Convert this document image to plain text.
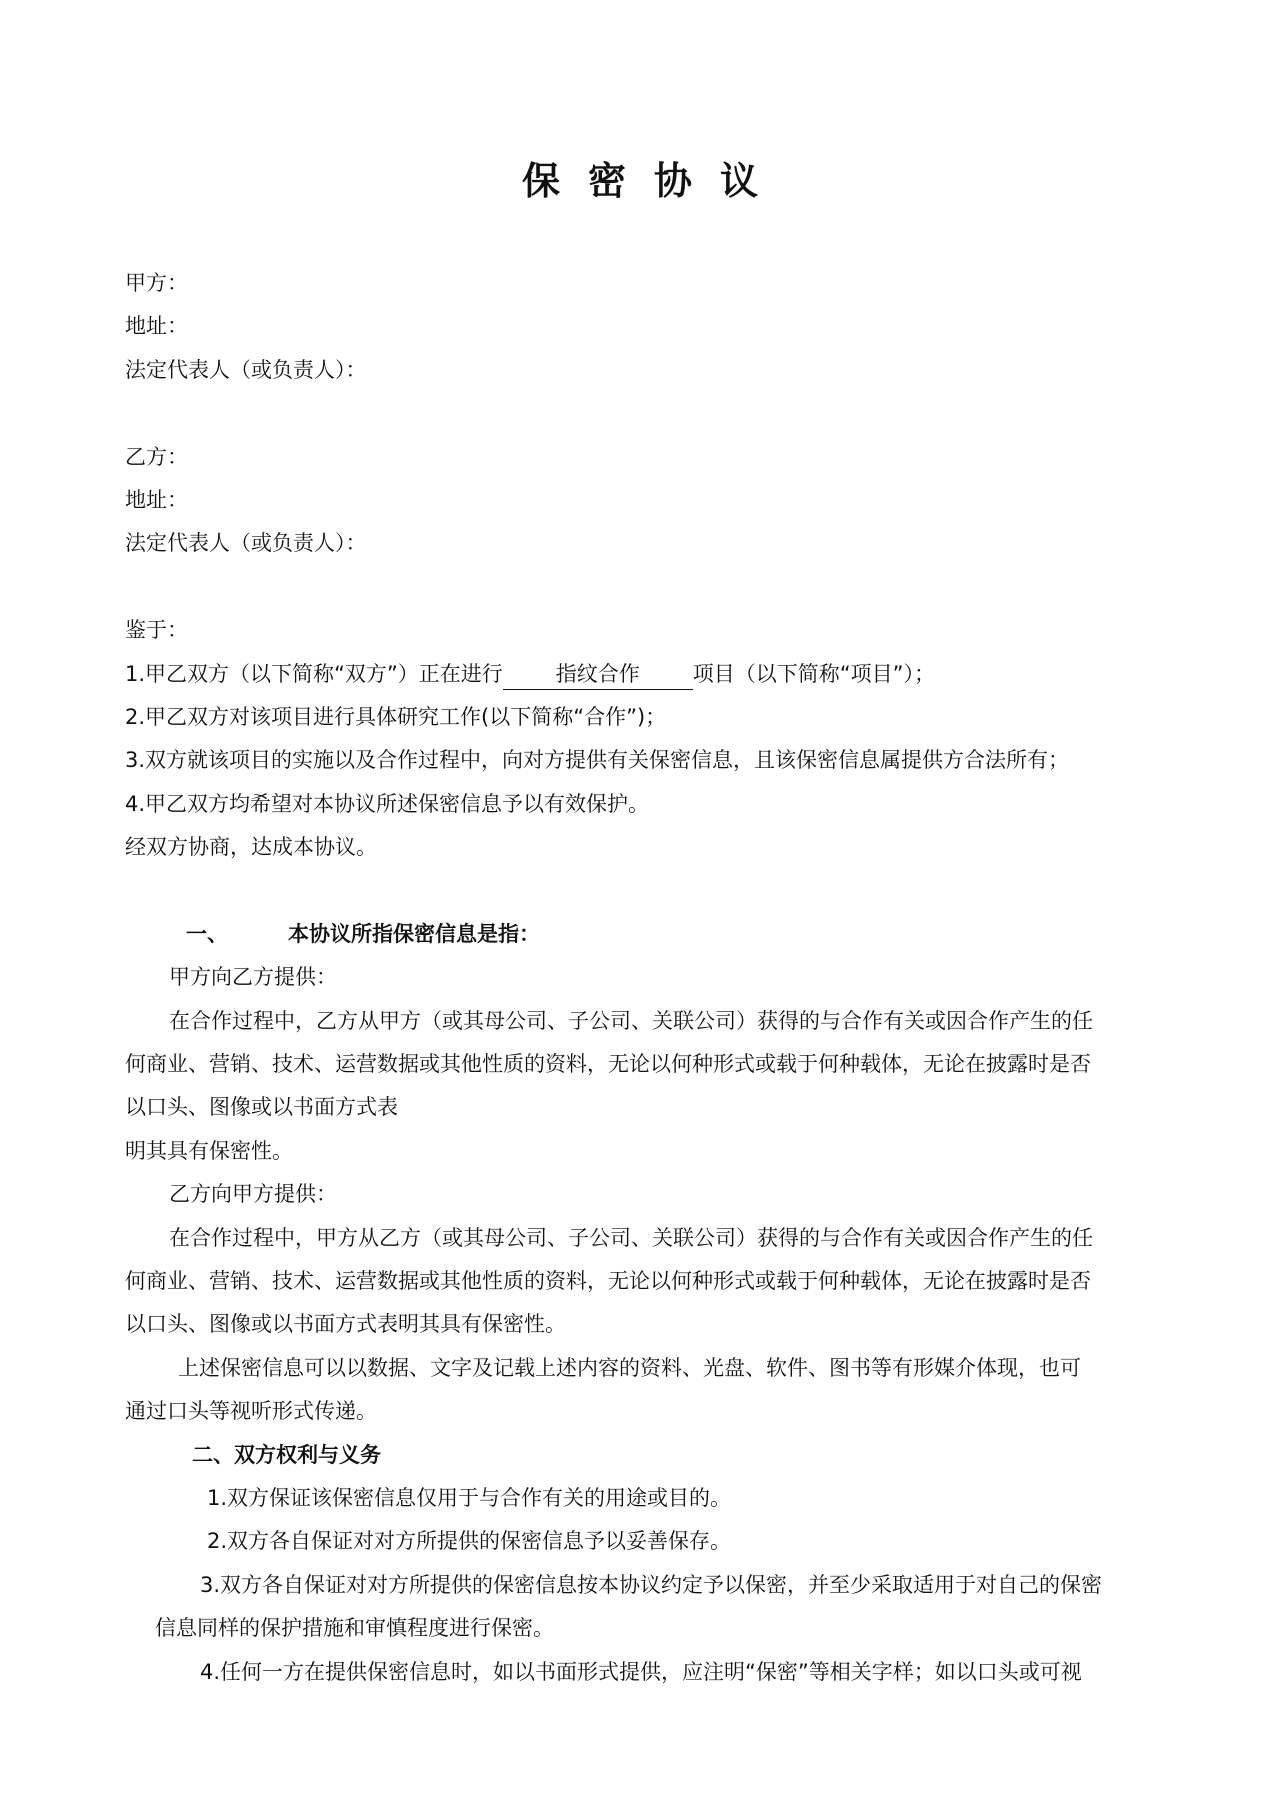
保 密 协 议
甲方：
地址：
法定代表人（或负责人）：
乙方：
地址：
法定代表人（或负责人）：
鉴于：
1.甲乙双方（以下简称“双方”）正在进行	指纹合作	项目（以下简称“项目”）；
2.甲乙双方对该项目进行具体研究工作(以下简称“合作”)；
3.双方就该项目的实施以及合作过程中，向对方提供有关保密信息，且该保密信息属提供方合法所有；
4.甲乙双方均希望对本协议所述保密信息予以有效保护。
经双方协商，达成本协议。
一、	本协议所指保密信息是指：
甲方向乙方提供：
在合作过程中，乙方从甲方（或其母公司、子公司、关联公司）获得的与合作有关或因合作产生的任
何商业、营销、技术、运营数据或其他性质的资料，无论以何种形式或载于何种载体，无论在披露时是否
以口头、图像或以书面方式表
明其具有保密性。
乙方向甲方提供：
在合作过程中，甲方从乙方（或其母公司、子公司、关联公司）获得的与合作有关或因合作产生的任
何商业、营销、技术、运营数据或其他性质的资料，无论以何种形式或载于何种载体，无论在披露时是否
以口头、图像或以书面方式表明其具有保密性。
上述保密信息可以以数据、文字及记载上述内容的资料、光盘、软件、图书等有形媒介体现，也可
通过口头等视听形式传递。
二、双方权利与义务
1.双方保证该保密信息仅用于与合作有关的用途或目的。
2.双方各自保证对对方所提供的保密信息予以妥善保存。
3.双方各自保证对对方所提供的保密信息按本协议约定予以保密，并至少采取适用于对自己的保密
信息同样的保护措施和审慎程度进行保密。
4.任何一方在提供保密信息时，如以书面形式提供，应注明“保密”等相关字样；如以口头或可视
